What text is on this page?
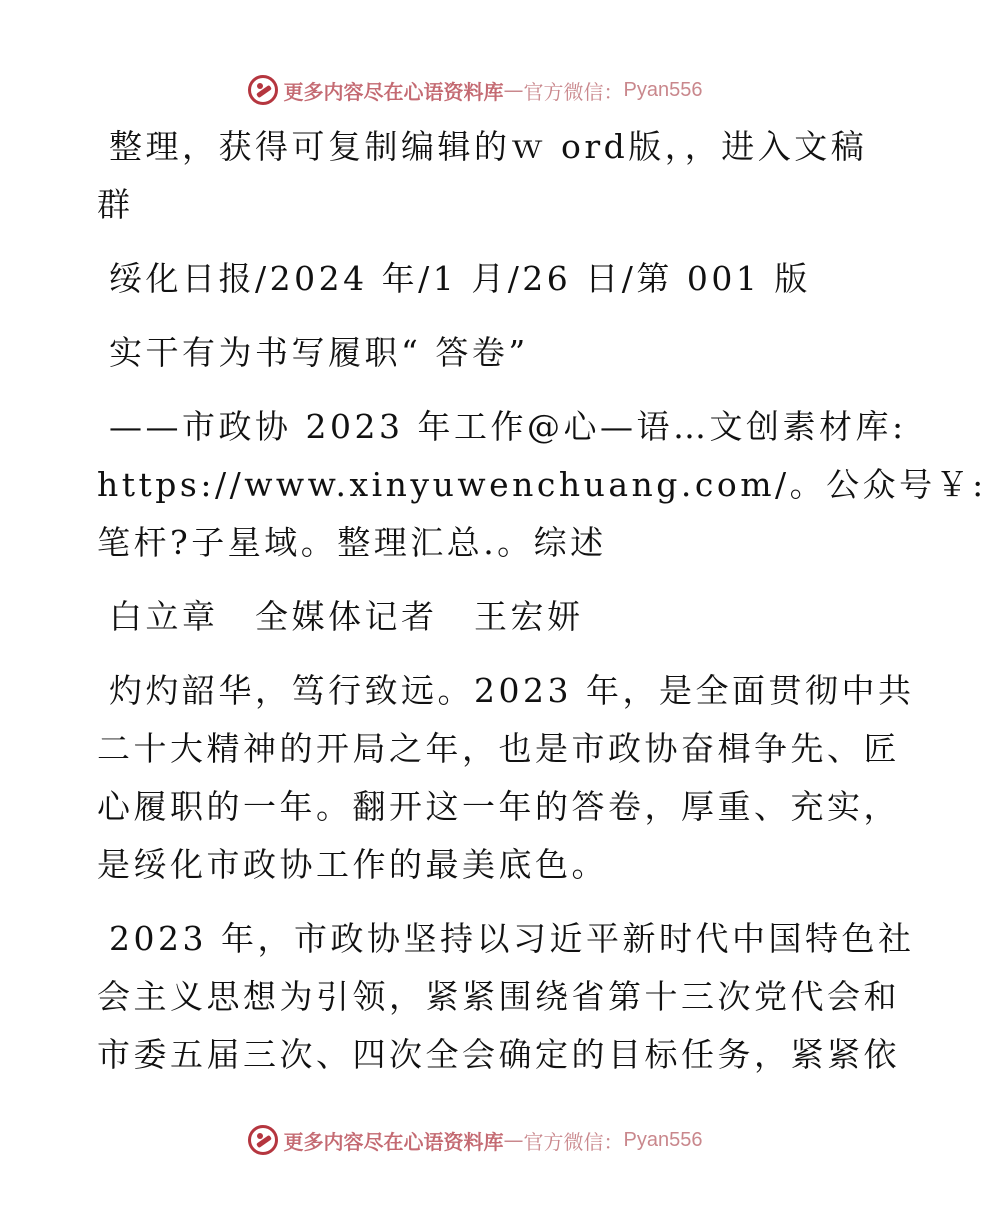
更多内容尽在心语资料库 — 官方微信： Pyan556
整理，获得可复制编辑的ｗ ord版，，进入文稿
群
绥化日报/2024 年/1 月/26 日/第 001 版
实干有为书写履职“ 答卷”
——市政协 2023 年工作@心—语…文创素材库:
https://www.xinyuwenchuang.com/。公众号￥:
笔杆?子星域。整理汇总.。综述
白立章　全媒体记者　王宏妍
灼灼韶华，笃行致远。2023 年，是全面贯彻中共
二十大精神的开局之年，也是市政协奋楫争先、匠
心履职的一年。翻开这一年的答卷，厚重、充实，
是绥化市政协工作的最美底色。
2023 年，市政协坚持以习近平新时代中国特色社
会主义思想为引领，紧紧围绕省第十三次党代会和
市委五届三次、四次全会确定的目标任务，紧紧依
更多内容尽在心语资料库 — 官方微信： Pyan556
